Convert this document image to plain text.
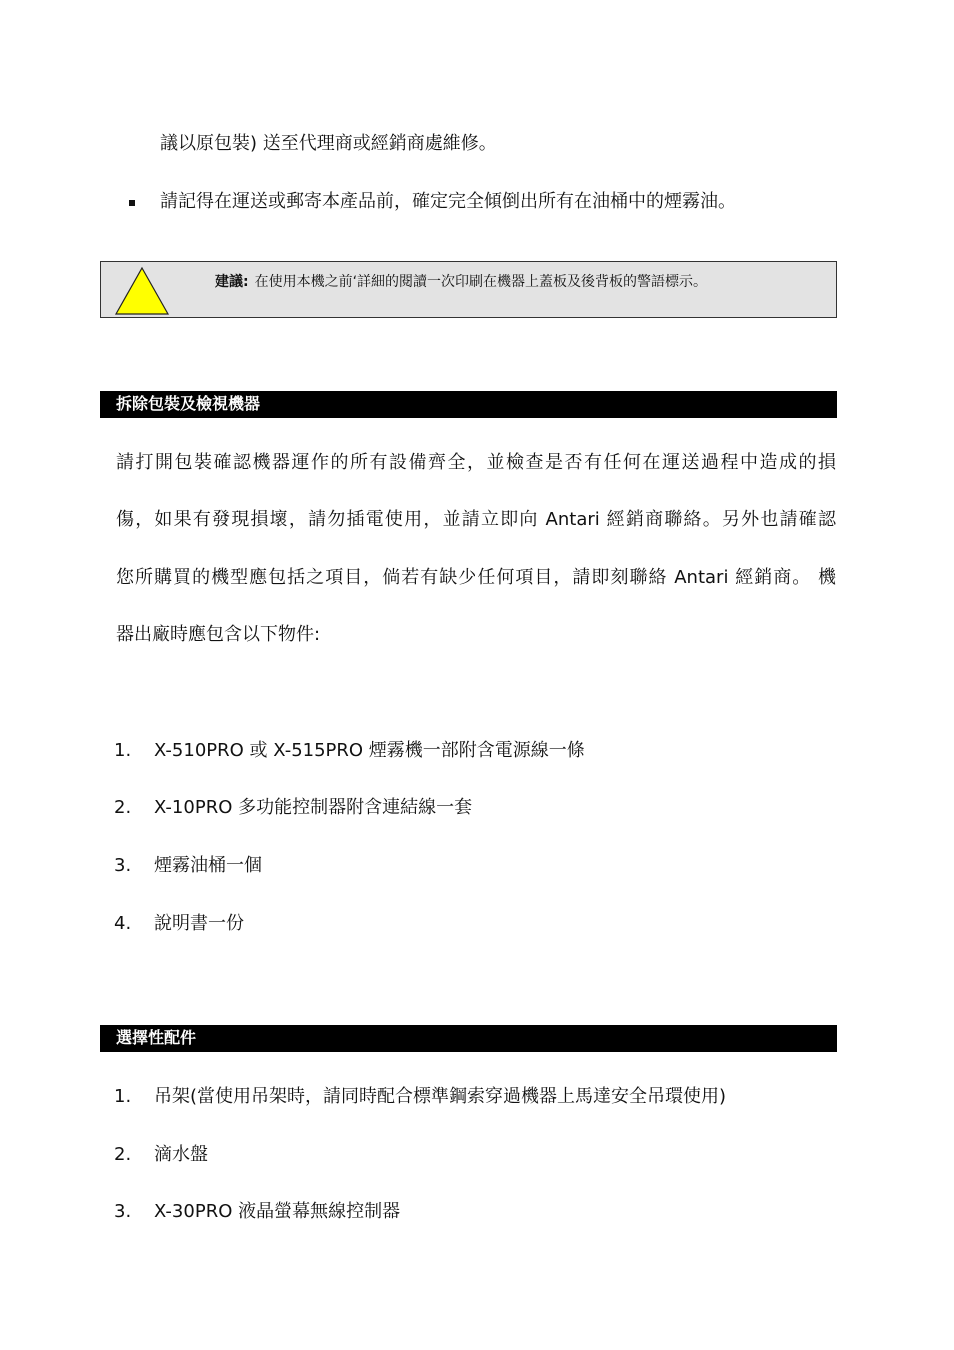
議以原包裝) 送至代理商或經銷商處維修。
請記得在運送或郵寄本產品前，確定完全傾倒出所有在油桶中的煙霧油。
建議: 在使用本機之前‘詳細的閱讀一次印刷在機器上蓋板及後背板的警語標示。
拆除包裝及檢視機器
請打開包裝確認機器運作的所有設備齊全，並檢查是否有任何在運送過程中造成的損
傷，如果有發現損壞，請勿插電使用，並請立即向 Antari 經銷商聯絡。另外也請確認
您所購買的機型應包括之項目，倘若有缺少任何項目，請即刻聯絡 Antari 經銷商。 機
器出廠時應包含以下物件:
1. X-510PRO 或 X-515PRO 煙霧機一部附含電源線一條
2. X-10PRO 多功能控制器附含連結線一套
3. 煙霧油桶一個
4. 說明書一份
選擇性配件
1. 吊架(當使用吊架時，請同時配合標準鋼索穿過機器上馬達安全吊環使用)
2. 滴水盤
3. X-30PRO 液晶螢幕無線控制器
